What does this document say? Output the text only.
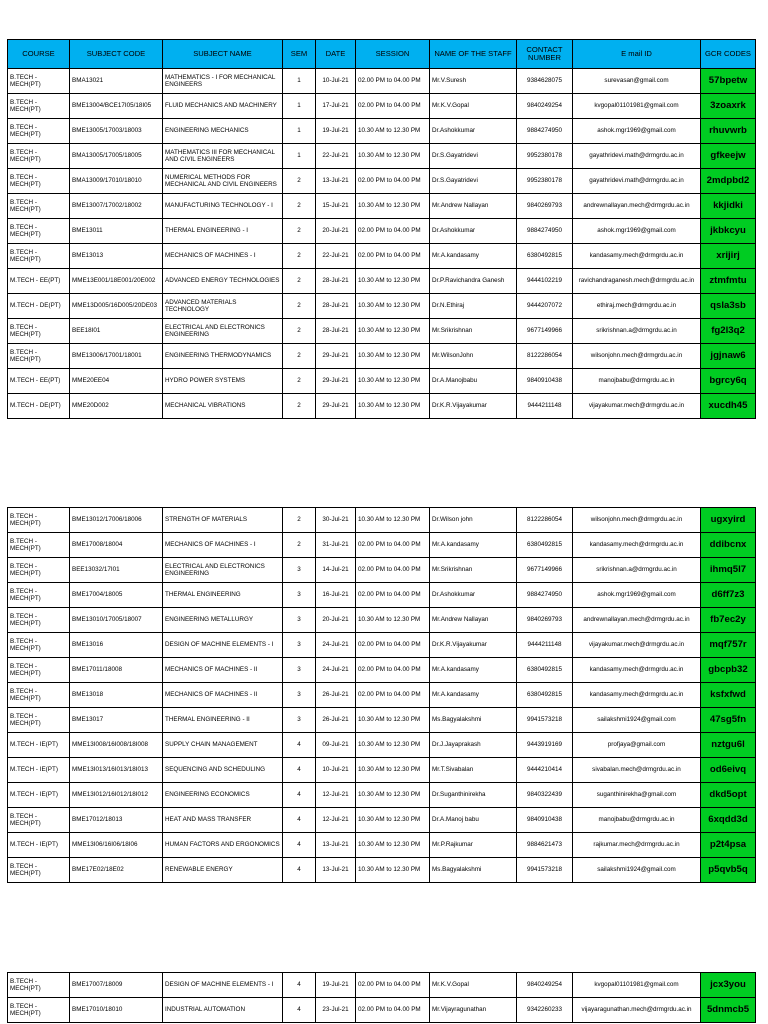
COURSE	SUBJECT CODE	SUBJECT NAME	SEM	DATE	SESSION	NAME OF THE STAFF	CONTACT NUMBER	E mail ID	GCR CODES
B.TECH - MECH(PT)	BMA13021	MATHEMATICS - I FOR MECHANICAL ENGINEERS	1	10-Jul-21	02.00 PM to 04.00 PM	Mr.V.Suresh	9384628075	surevasan@gmail.com	57bpetw
B.TECH - MECH(PT)	BME13004/BCE17I05/18I05	FLUID MECHANICS AND MACHINERY	1	17-Jul-21	02.00 PM to 04.00 PM	Mr.K.V.Gopal	9840249254	kvgopal01101981@gmail.com	3zoaxrk
B.TECH - MECH(PT)	BME13005/17003/18003	ENGINEERING MECHANICS	1	19-Jul-21	10.30 AM to 12.30 PM	Dr.Ashokkumar	9884274950	ashok.mgr1969@gmail.com	rhuvwrb
B.TECH - MECH(PT)	BMA13005/17005/18005	MATHEMATICS III FOR MECHANICAL AND CIVIL ENGINEERS	1	22-Jul-21	10.30 AM to 12.30 PM	Dr.S.Gayatridevi	9952380178	gayathridevi.math@drmgrdu.ac.in	gfkeejw
B.TECH - MECH(PT)	BMA13009/17010/18010	NUMERICAL METHODS FOR MECHANICAL AND CIVIL ENGINEERS	2	13-Jul-21	02.00 PM to 04.00 PM	Dr.S.Gayatridevi	9952380178	gayathridevi.math@drmgrdu.ac.in	2mdpbd2
B.TECH - MECH(PT)	BME13007/17002/18002	MANUFACTURING TECHNOLOGY - I	2	15-Jul-21	10.30 AM to 12.30 PM	Mr.Andrew Nallayan	9840269793	andrewnallayan.mech@drmgrdu.ac.in	kkjidki
B.TECH - MECH(PT)	BME13011	THERMAL ENGINEERING - I	2	20-Jul-21	02.00 PM to 04.00 PM	Dr.Ashokkumar	9884274950	ashok.mgr1969@gmail.com	jkbkcyu
B.TECH - MECH(PT)	BME13013	MECHANICS OF MACHINES - I	2	22-Jul-21	02.00 PM to 04.00 PM	Mr.A.kandasamy	6380492815	kandasamy.mech@drmgrdu.ac.in	xrijirj
M.TECH - EE(PT)	MME13E001/18E001/20E002	ADVANCED ENERGY TECHNOLOGIES	2	28-Jul-21	10.30 AM to 12.30 PM	Dr.P.Ravichandra Ganesh	9444102219	ravichandraganesh.mech@drmgrdu.ac.in	ztmfmtu
M.TECH - DE(PT)	MME13D005/16D005/20DE03	ADVANCED MATERIALS TECHNOLOGY	2	28-Jul-21	10.30 AM to 12.30 PM	Dr.N.Ethiraj	9444207072	ethiraj.mech@drmgrdu.ac.in	qsla3sb
B.TECH - MECH(PT)	BEE18I01	ELECTRICAL AND ELECTRONICS ENGINEERING	2	28-Jul-21	10.30 AM to 12.30 PM	Mr.Srikrishnan	9677149966	srikrishnan.a@drmgrdu.ac.in	fg2l3q2
B.TECH - MECH(PT)	BME13006/17001/18001	ENGINEERING THERMODYNAMICS	2	29-Jul-21	10.30 AM to 12.30 PM	Mr.WilsonJohn	8122286054	wilsonjohn.mech@drmgrdu.ac.in	jgjnaw6
M.TECH - EE(PT)	MME20EE04	HYDRO POWER SYSTEMS	2	29-Jul-21	10.30 AM to 12.30 PM	Dr.A.Manojbabu	9840910438	manojbabu@drmgrdu.ac.in	bgrcy6q
M.TECH - DE(PT)	MME20D002	MECHANICAL VIBRATIONS	2	29-Jul-21	10.30 AM to 12.30 PM	Dr.K.R.Vijayakumar	9444211148	vijayakumar.mech@drmgrdu.ac.in	xucdh45
B.TECH - MECH(PT)	BME13012/17006/18006	STRENGTH OF MATERIALS	2	30-Jul-21	10.30 AM to 12.30 PM	Dr.Wilson john	8122286054	wilsonjohn.mech@drmgrdu.ac.in	ugxyird
B.TECH - MECH(PT)	BME17008/18004	MECHANICS OF MACHINES - I	2	31-Jul-21	02.00 PM to 04.00 PM	Mr.A.kandasamy	6380492815	kandasamy.mech@drmgrdu.ac.in	ddibcnx
B.TECH - MECH(PT)	BEE13032/17I01	ELECTRICAL AND ELECTRONICS ENGINEERING	3	14-Jul-21	02.00 PM to 04.00 PM	Mr.Srikrishnan	9677149966	srikrishnan.a@drmgrdu.ac.in	ihmq5l7
B.TECH - MECH(PT)	BME17004/18005	THERMAL ENGINEERING	3	16-Jul-21	02.00 PM to 04.00 PM	Dr.Ashokkumar	9884274950	ashok.mgr1969@gmail.com	d6ff7z3
B.TECH - MECH(PT)	BME13010/17005/18007	ENGINEERING METALLURGY	3	20-Jul-21	10.30 AM to 12.30 PM	Mr.Andrew Nallayan	9840269793	andrewnallayan.mech@drmgrdu.ac.in	fb7ec2y
B.TECH - MECH(PT)	BME13016	DESIGN OF MACHINE ELEMENTS - I	3	24-Jul-21	02.00 PM to 04.00 PM	Dr.K.R.Vijayakumar	9444211148	vijayakumar.mech@drmgrdu.ac.in	mqf757r
B.TECH - MECH(PT)	BME17011/18008	MECHANICS OF MACHINES - II	3	24-Jul-21	02.00 PM to 04.00 PM	Mr.A.kandasamy	6380492815	kandasamy.mech@drmgrdu.ac.in	gbcpb32
B.TECH - MECH(PT)	BME13018	MECHANICS OF MACHINES - II	3	26-Jul-21	02.00 PM to 04.00 PM	Mr.A.kandasamy	6380492815	kandasamy.mech@drmgrdu.ac.in	ksfxfwd
B.TECH - MECH(PT)	BME13017	THERMAL ENGINEERING - II	3	26-Jul-21	10.30 AM to 12.30 PM	Ms.Bagyalakshmi	9941573218	sailakshmi1924@gmail.com	47sg5fn
M.TECH - IE(PT)	MME13I008/16I008/18I008	SUPPLY CHAIN MANAGEMENT	4	09-Jul-21	10.30 AM to 12.30 PM	Dr.J.Jayaprakash	9443919169	profjaya@gmail.com	nztgu6l
M.TECH - IE(PT)	MME13I013/16I013/18I013	SEQUENCING AND SCHEDULING	4	10-Jul-21	10.30 AM to 12.30 PM	Mr.T.Sivabalan	9444210414	sivabalan.mech@drmgrdu.ac.in	od6eivq
M.TECH - IE(PT)	MME13I012/16I012/18I012	ENGINEERING ECONOMICS	4	12-Jul-21	10.30 AM to 12.30 PM	Dr.Suganthinirekha	9840322439	suganthinirekha@gmail.com	dkd5opt
B.TECH - MECH(PT)	BME17012/18013	HEAT AND MASS TRANSFER	4	12-Jul-21	10.30 AM to 12.30 PM	Dr.A.Manoj babu	9840910438	manojbabu@drmgrdu.ac.in	6xqdd3d
M.TECH - IE(PT)	MME13I06/16I06/18I06	HUMAN FACTORS AND ERGONOMICS	4	13-Jul-21	10.30 AM to 12.30 PM	Mr.P.Rajkumar	9884621473	rajkumar.mech@drmgrdu.ac.in	p2t4psa
B.TECH - MECH(PT)	BME17E02/18E02	RENEWABLE ENERGY	4	13-Jul-21	10.30 AM to 12.30 PM	Ms.Bagyalakshmi	9941573218	sailakshmi1924@gmail.com	p5qvb5q
B.TECH - MECH(PT)	BME17007/18009	DESIGN OF MACHINE ELEMENTS - I	4	19-Jul-21	02.00 PM to 04.00 PM	Mr.K.V.Gopal	9840249254	kvgopal01101981@gmail.com	jcx3you
B.TECH - MECH(PT)	BME17010/18010	INDUSTRIAL AUTOMATION	4	23-Jul-21	02.00 PM to 04.00 PM	Mr.Vijayragunathan	9342260233	vijayaragunathan.mech@drmgrdu.ac.in	5dnmcb5
